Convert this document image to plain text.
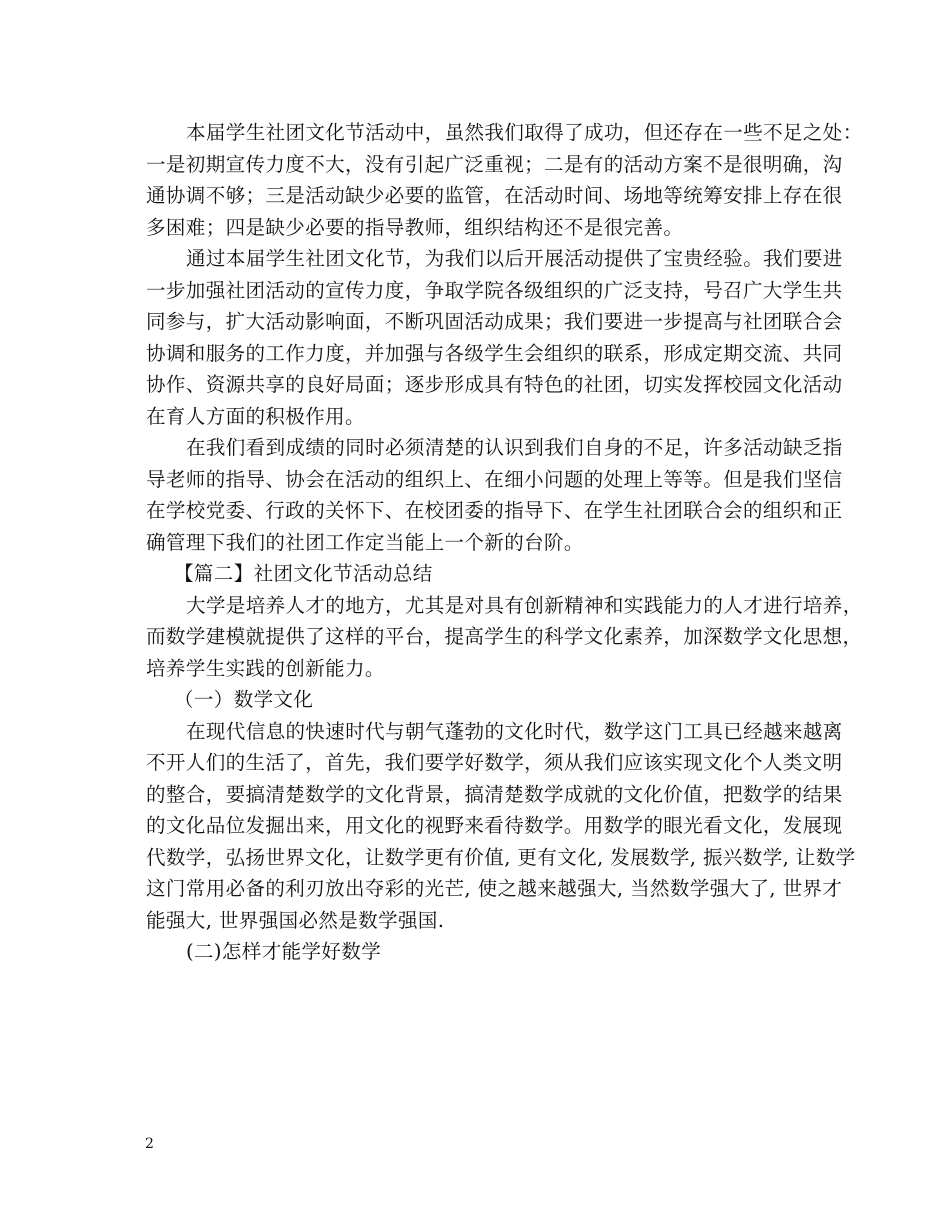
本届学生社团文化节活动中，虽然我们取得了成功，但还存在一些不足之处：
一是初期宣传力度不大，没有引起广泛重视；二是有的活动方案不是很明确，沟
通协调不够；三是活动缺少必要的监管，在活动时间、场地等统筹安排上存在很
多困难；四是缺少必要的指导教师，组织结构还不是很完善。
通过本届学生社团文化节，为我们以后开展活动提供了宝贵经验。我们要进
一步加强社团活动的宣传力度，争取学院各级组织的广泛支持，号召广大学生共
同参与，扩大活动影响面，不断巩固活动成果；我们要进一步提高与社团联合会
协调和服务的工作力度，并加强与各级学生会组织的联系，形成定期交流、共同
协作、资源共享的良好局面；逐步形成具有特色的社团，切实发挥校园文化活动
在育人方面的积极作用。
在我们看到成绩的同时必须清楚的认识到我们自身的不足，许多活动缺乏指
导老师的指导、协会在活动的组织上、在细小问题的处理上等等。但是我们坚信
在学校党委、行政的关怀下、在校团委的指导下、在学生社团联合会的组织和正
确管理下我们的社团工作定当能上一个新的台阶。
【篇二】社团文化节活动总结
大学是培养人才的地方，尤其是对具有创新精神和实践能力的人才进行培养，
而数学建模就提供了这样的平台，提高学生的科学文化素养，加深数学文化思想，
培养学生实践的创新能力。
（一）数学文化
在现代信息的快速时代与朝气蓬勃的文化时代，数学这门工具已经越来越离
不开人们的生活了，首先，我们要学好数学，须从我们应该实现文化个人类文明
的整合，要搞清楚数学的文化背景，搞清楚数学成就的文化价值，把数学的结果
的文化品位发掘出来，用文化的视野来看待数学。用数学的眼光看文化，发展现
代数学，弘扬世界文化，让数学更有价值, 更有文化, 发展数学, 振兴数学, 让数学
这门常用必备的利刃放出夺彩的光芒, 使之越来越强大, 当然数学强大了, 世界才
能强大, 世界强国必然是数学强国.
(二)怎样才能学好数学
2
